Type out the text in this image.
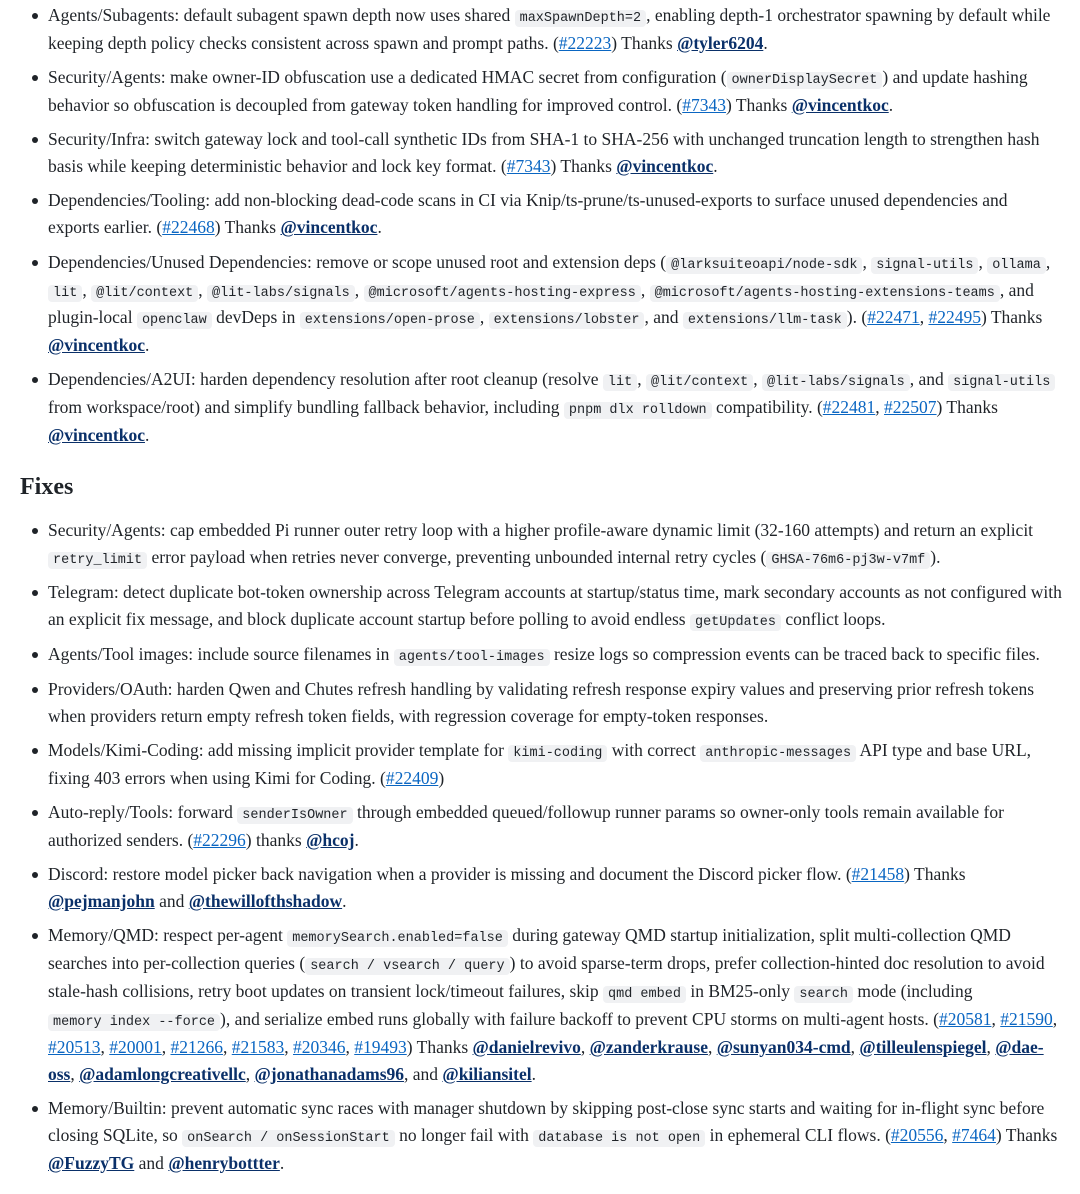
Agents/Subagents: default subagent spawn depth now uses shared maxSpawnDepth=2 , enabling depth-1 orchestrator spawning by default while keeping depth policy checks consistent across spawn and prompt paths. (#22223) Thanks @tyler6204.
Security/Agents: make owner-ID obfuscation use a dedicated HMAC secret from configuration ( ownerDisplaySecret ) and update hashing behavior so obfuscation is decoupled from gateway token handling for improved control. (#7343) Thanks @vincentkoc.
Security/Infra: switch gateway lock and tool-call synthetic IDs from SHA-1 to SHA-256 with unchanged truncation length to strengthen hash basis while keeping deterministic behavior and lock key format. (#7343) Thanks @vincentkoc.
Dependencies/Tooling: add non-blocking dead-code scans in CI via Knip/ts-prune/ts-unused-exports to surface unused dependencies and exports earlier. (#22468) Thanks @vincentkoc.
Dependencies/Unused Dependencies: remove or scope unused root and extension deps ( @larksuiteoapi/node-sdk , signal-utils , ollama , lit , @lit/context , @lit-labs/signals , @microsoft/agents-hosting-express , @microsoft/agents-hosting-extensions-teams , and plugin-local openclaw devDeps in extensions/open-prose , extensions/lobster , and extensions/llm-task ). (#22471, #22495) Thanks @vincentkoc.
Dependencies/A2UI: harden dependency resolution after root cleanup (resolve lit , @lit/context , @lit-labs/signals , and signal-utils from workspace/root) and simplify bundling fallback behavior, including pnpm dlx rolldown compatibility. (#22481, #22507) Thanks @vincentkoc.
Fixes
Security/Agents: cap embedded Pi runner outer retry loop with a higher profile-aware dynamic limit (32-160 attempts) and return an explicit retry_limit error payload when retries never converge, preventing unbounded internal retry cycles ( GHSA-76m6-pj3w-v7mf ).
Telegram: detect duplicate bot-token ownership across Telegram accounts at startup/status time, mark secondary accounts as not configured with an explicit fix message, and block duplicate account startup before polling to avoid endless getUpdates conflict loops.
Agents/Tool images: include source filenames in agents/tool-images resize logs so compression events can be traced back to specific files.
Providers/OAuth: harden Qwen and Chutes refresh handling by validating refresh response expiry values and preserving prior refresh tokens when providers return empty refresh token fields, with regression coverage for empty-token responses.
Models/Kimi-Coding: add missing implicit provider template for kimi-coding with correct anthropic-messages API type and base URL, fixing 403 errors when using Kimi for Coding. (#22409)
Auto-reply/Tools: forward senderIsOwner through embedded queued/followup runner params so owner-only tools remain available for authorized senders. (#22296) thanks @hcoj.
Discord: restore model picker back navigation when a provider is missing and document the Discord picker flow. (#21458) Thanks @pejmanjohn and @thewillofthshadow.
Memory/QMD: respect per-agent memorySearch.enabled=false during gateway QMD startup initialization, split multi-collection QMD searches into per-collection queries ( search / vsearch / query ) to avoid sparse-term drops, prefer collection-hinted doc resolution to avoid stale-hash collisions, retry boot updates on transient lock/timeout failures, skip qmd embed in BM25-only search mode (including memory index --force ), and serialize embed runs globally with failure backoff to prevent CPU storms on multi-agent hosts. (#20581, #21590, #20513, #20001, #21266, #21583, #20346, #19493) Thanks @danielrevivo, @zanderkrause, @sunyan034-cmd, @tilleulenspiegel, @dae-oss, @adamlongcreativellc, @jonathanadams96, and @kiliansitel.
Memory/Builtin: prevent automatic sync races with manager shutdown by skipping post-close sync starts and waiting for in-flight sync before closing SQLite, so onSearch / onSessionStart no longer fail with database is not open in ephemeral CLI flows. (#20556, #7464) Thanks @FuzzyTG and @henrybottter.
